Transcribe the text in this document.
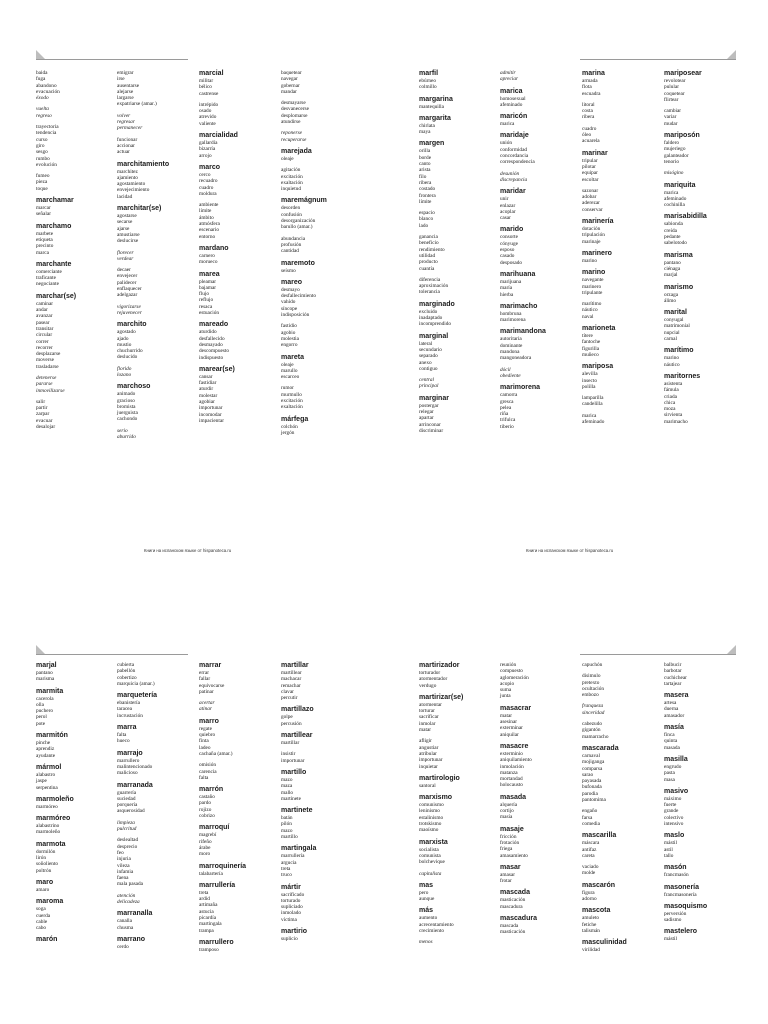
baida
fuga
abandono
evacuación
éxodo
vuelta
regreso
trayectoria
tendencia
curso
giro
sesgo
rumbo
evolución
fumeo
pieza
toque
marchamar
marcar
señalar
marchamo
marbete
etiqueta
precinto
marca
marchante
comerciante
traficante
negociante
marchar(se)
caminar
andar
avanzar
pasear
transitar
circular
correr
recorrer
desplazarse
moverse
trasladarse
detenerse
pararse
inmovilizarse
salir
partir
zarpar
evacuar
desalojar
emigrar
irse
ausentarse
alejarse
largarse
expatriarse (amar.)
volver
regresar
permanecer
funcionar
accionar
actuar
marchitamiento
marchitez
ajamiento
agostamiento
envejecimiento
lacidad
marchitar(se)
agostarse
secarse
ajarse
amustiarse
deslucirse
florecer
verdear
decaer
envejecer
palidecer
enflaquecer
adelgazar
vigorizarse
rejuvenecer
marchito
agostado
ajado
mustio
chuchurrido
deslucido
florido
lozano
marchoso
animado
gracioso
bromista
juerguista
cachondo
serio
aburrido
marcial
militar
bélico
castrense
intrépido
osado
atrevido
valiente
marcialidad
gallardía
bizarría
arrojo
marco
cerco
recuadro
cuadro
moldura
ambiente
límite
ámbito
atmósfera
escenario
entorno
mardano
carnero
morueco
marea
pleamar
bajamar
flujo
reflujo
resaca
estuación
mareado
aturdido
desfallecido
desmayado
descompuesto
indispuesto
marear(se)
cansar
fastidiar
aturdir
molestar
agobiar
importunar
incomodar
impacientar
baquetear
navegar
gobernar
mandar
desmayarse
desvanecerse
desplomarse
atundirse
reponerse
recuperarse
marejada
oleaje
agitación
excitación
exaltación
inquietud
maremágnum
desorden
confusión
desorganización
barullo (amar.)
abundancia
profusión
cantidad
maremoto
seísmo
mareo
desmayo
desfallecimiento
vahído
síncope
indisposición
fastidio
agobio
molestia
engorro
mareta
oleaje
marullo
escarceo
rumor
murmullo
excitación
exaltación
márfega
colchón
jergón
marfil
ebúrneo
colmillo
margarina
mantequilla
margarita
chirlata
maya
margen
orilla
borde
canto
arista
filo
ribera
costado
frontera
límite
espacio
blanco
lado
ganancia
beneficio
rendimiento
utilidad
producto
cuantía
diferencia
aproximación
tolerancia
marginado
excluido
inadaptado
incomprendido
marginal
lateral
secundario
separado
anexo
contiguo
central
principal
marginar
postergar
relegar
apartar
arrinconar
discriminar
admitir
apreciar
marica
homosexual
afeminado
maricón
marica
maridaje
unión
conformidad
concordancia
correspondencia
desunión
discrepancia
maridar
unir
enlazar
acoplar
casar
marido
consorte
cónyuge
esposo
casado
desposado
marihuana
marijuana
maría
hierba
marimacho
hombruna
marimorena
marimandona
autoritaria
dominante
mandona
mangoneadora
dócil
obediente
marimorena
camorra
gresca
pelea
riña
trifulca
tiberio
marina
armada
flota
escuadra
litoral
costa
ribera
cuadro
óleo
acuarela
marinar
tripular
pilotar
equipar
escoltar
sazonar
adobar
aderezar
conservar
marinería
dotación
tripulación
marinaje
marinero
marino
marino
navegante
marinero
tripulante
marítimo
náutico
naval
marioneta
títere
fantoche
figurilla
muñeco
mariposa
alevilla
insecto
polilla
lamparilla
candelilla
marica
afeminado
mariposear
revolotear
pulular
coquetear
flirtear
cambiar
variar
mudar
mariposón
faldero
mujeriego
galanteador
tenorio
misógino
mariquita
marica
afeminado
cochinilla
marisabidilla
sabionda
creída
pedante
sabelotodo
marisma
pantano
ciénaga
marjal
marismo
orzaga
álimo
marital
conyugal
matrimonial
nupcial
carnal
marítimo
marino
náutico
maritornes
asistenta
fámula
criada
chica
moza
sirvienta
marimacho
Книги на испанском языке от hispanoteca.ru	Книги на испанском языке от hispanoteca.ru
marjal
pantano
marisma
marmita
cacerola
olla
puchero
perol
pote
marmitón
pinche
aprendiz
ayudante
mármol
alabastro
jaspe
serpentina
marmoleño
marmóreo
marmóreo
alabastrino
marmoleño
marmota
dormilón
lirón
soñoliento
poltrón
maro
amaro
maroma
soga
cuerda
cable
cabo
marón
cubierta
pabellón
cobertizo
marquicia (amar.)
marquetería
ebanistería
taracea
incrustación
marra
falta
hueco
marrajo
marrullero
malintencionado
malicioso
marranada
guarrería
suciedad
porquería
asquerosidad
limpieza
pulcritud
deslealtad
desprecio
feo
injuria
vileza
infamia
faena
mala pasada
atención
delicadeza
marranalla
canalla
chusma
marrano
cerdo
marrar
errar
fallar
equivocarse
patinar
acertar
atinar
marro
regate
quiebro
finta
ladeo
cachaña (amar.)
omisión
carencia
falta
marrón
castaño
pardo
rojizo
cobrizo
marroquí
magrebí
rifeño
árabe
moro
marroquinería
talabartería
marrullería
treta
ardid
artimaña
astucia
picardía
martingala
trampa
marrullero
tramposo
martillar
martillear
machacar
remachar
clavar
percutir
martillazo
golpe
percusión
martillear
martillar
insistir
importunar
martillo
mazo
maza
mallo
martinete
martinete
batán
pilón
mazo
martillo
martingala
marrullería
argucia
treta
truco
mártir
sacrificado
torturado
supliciado
inmolado
víctima
martirio
suplicio
martirizador
torturador
atormentador
verdugo
martirizar(se)
atormentar
torturar
sacrificar
inmolar
matar
afligir
angustiar
atribular
importunar
inquietar
martirologio
santoral
marxismo
comunismo
leninismo
estalinismo
trotskismo
maoísmo
marxista
socialista
comunista
bolchevique
capitalista
mas
pero
aunque
más
aumento
acrecentamiento
crecimiento
menos
reunión
compuesto
aglomeración
acopio
suma
junta
masacrar
matar
asesinar
exterminar
aniquilar
masacre
exterminio
aniquilamiento
inmolación
matanza
mortandad
holocausto
masada
alquería
cortijo
masía
masaje
fricción
frotación
friega
amasamiento
masar
amasar
frotar
mascada
masticación
mascadura
mascadura
mascada
masticación
capuchón
disimulo
pretexto
ocultación
embozo
franqueza
sinceridad
cabezudo
gigantón
mamarracho
mascarada
carnaval
mojiganga
comparsa
sarao
payasada
bufonada
parodia
pantomima
engaño
farsa
comedia
mascarilla
máscara
antifaz
careta
vaciado
molde
mascarón
figura
adorno
mascota
amuleto
fetiche
talismán
masculinidad
virilidad
balbucir
barbotar
cuchichear
tartajear
masera
artesa
duerna
amasador
masía
finca
quinta
masada
masilla
engrudo
pasta
masa
masivo
máximo
fuerte
grande
colectivo
intensivo
maslo
mástil
astil
tallo
masón
francmasón
masonería
francmasonería
masoquismo
perversión
sadismo
mastelero
mástil
